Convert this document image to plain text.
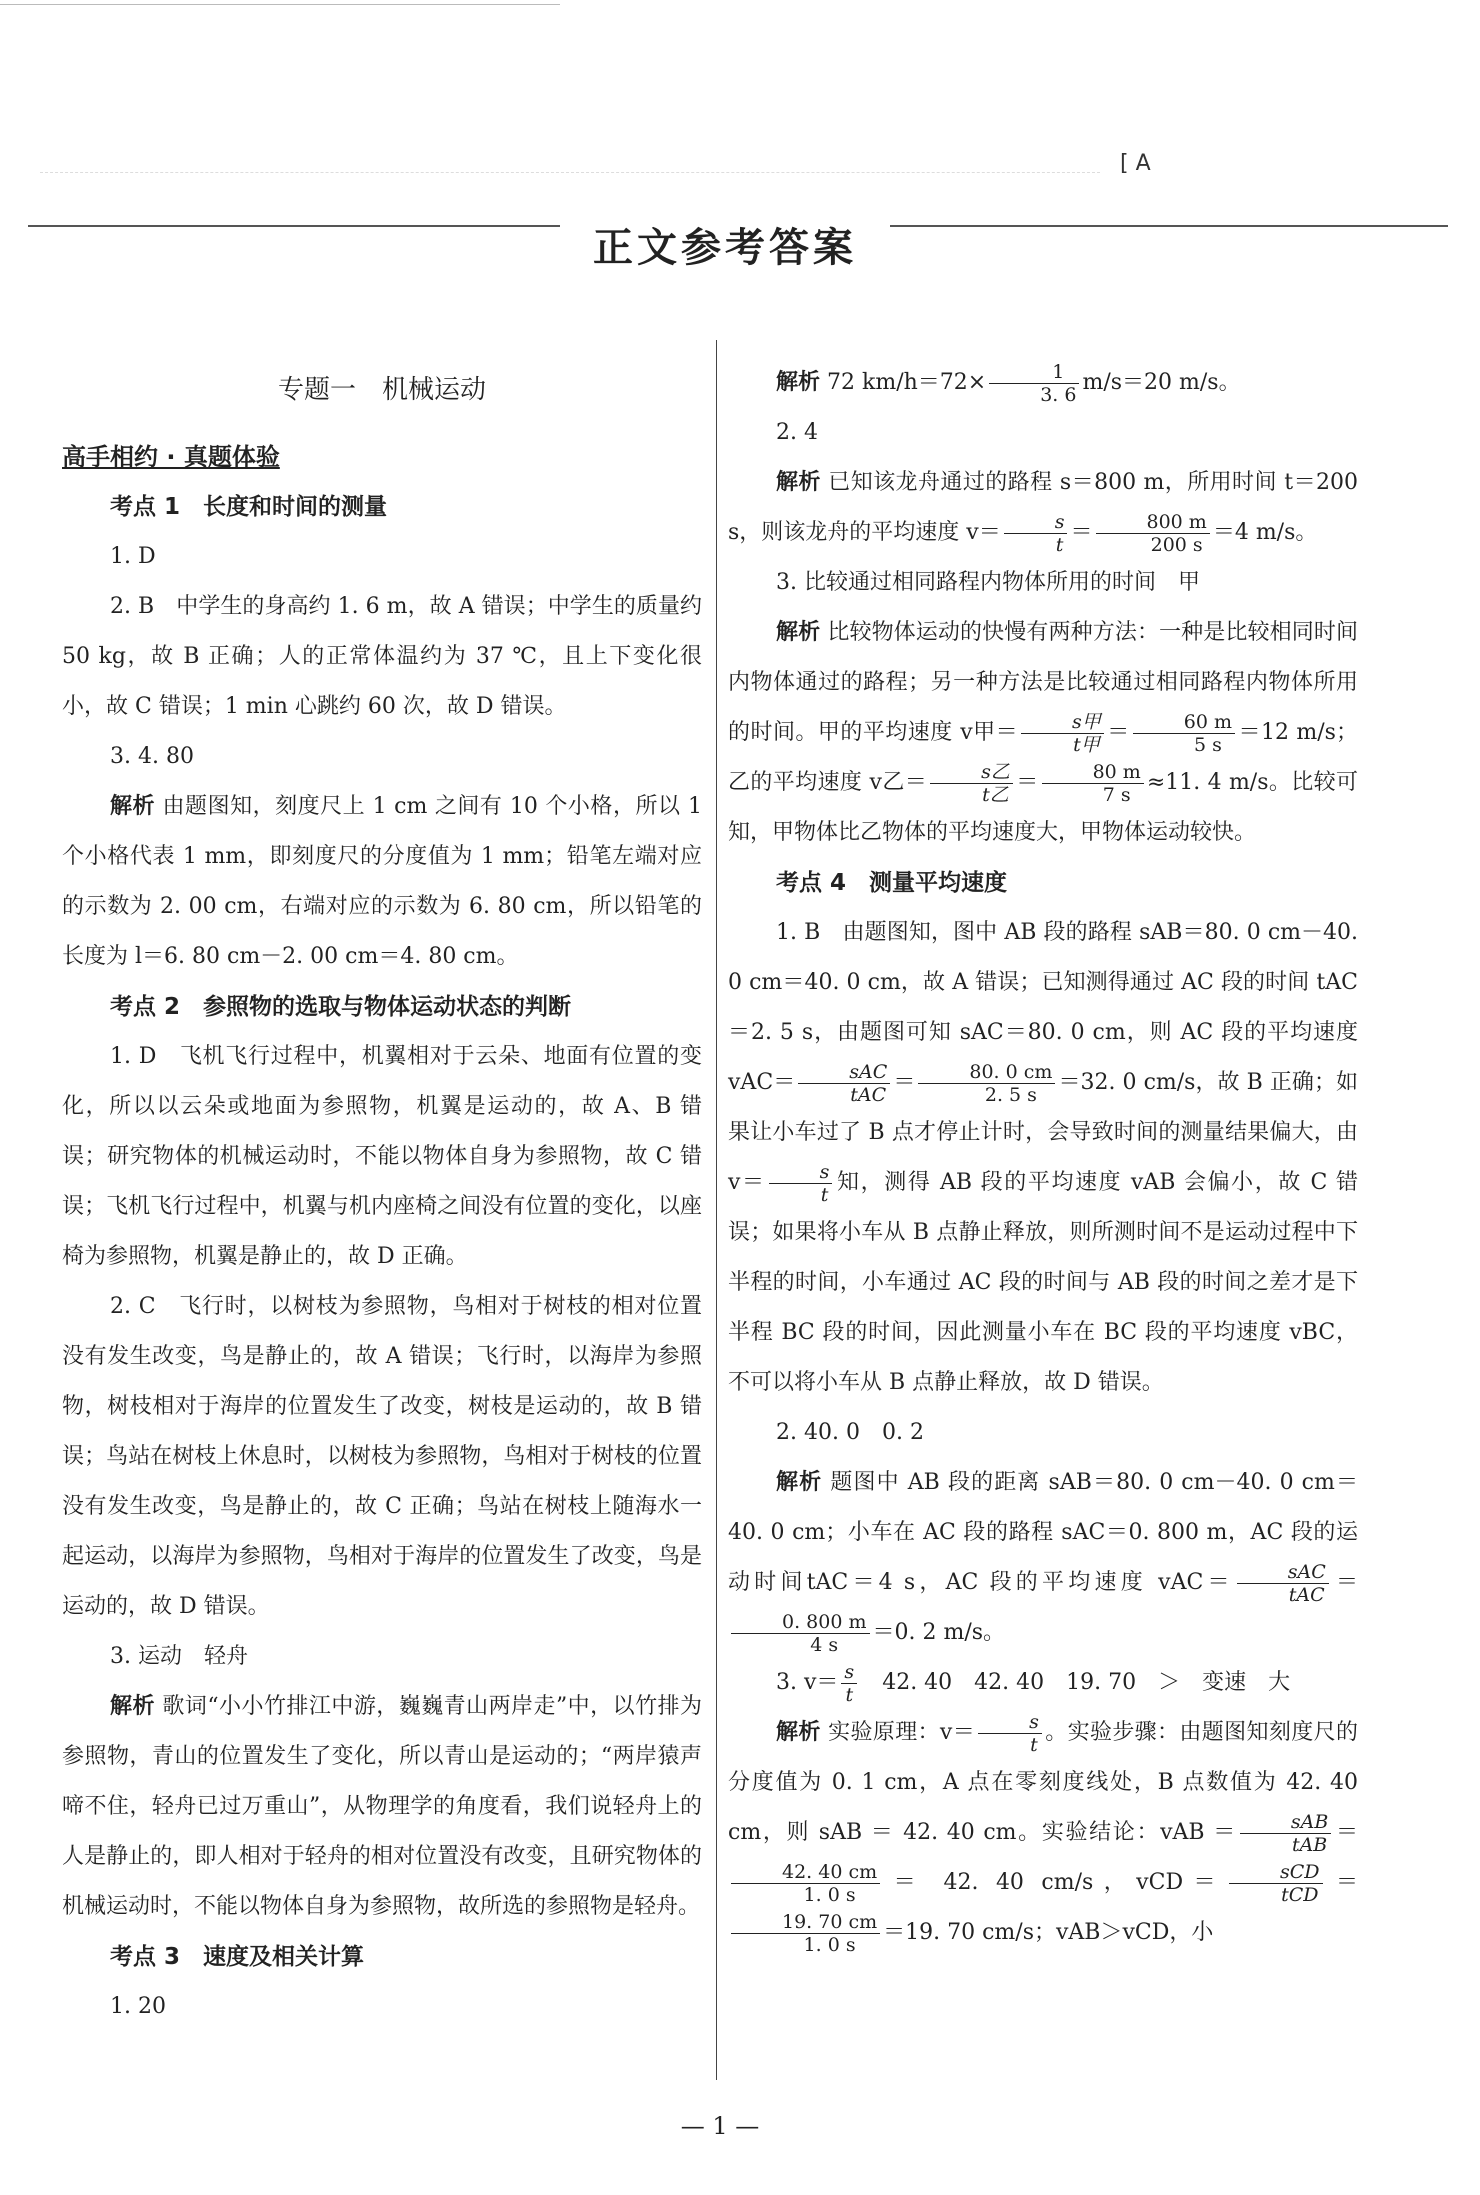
[ A
正文参考答案

专题一　机械运动

高手相约 · 真题体验

考点 1　长度和时间的测量

1. D

2. B　 中学生的身高约 1. 6 m，故 A 错误；中学生的质量约 50 kg，故 B 正确；人的正常体温约为 37 ℃，且上下变化很小，故 C 错误；1 min 心跳约 60 次，故 D 错误。

3. 4. 80

解析 由题图知，刻度尺上 1 cm 之间有 10 个小格，所以 1 个小格代表 1 mm，即刻度尺的分度值为 1 mm；铅笔左端对应的示数为 2. 00 cm，右端对应的示数为 6. 80 cm，所以铅笔的长度为 l＝6. 80 cm－2. 00 cm＝4. 80 cm。

考点 2　参照物的选取与物体运动状态的判断

1. D　 飞机飞行过程中，机翼相对于云朵、地面有位置的变化，所以以云朵或地面为参照物，机翼是运动的，故 A、B 错误；研究物体的机械运动时，不能以物体自身为参照物，故 C 错误；飞机飞行过程中，机翼与机内座椅之间没有位置的变化，以座椅为参照物，机翼是静止的，故 D 正确。

2. C　 飞行时，以树枝为参照物，鸟相对于树枝的相对位置没有发生改变，鸟是静止的，故 A 错误；飞行时，以海岸为参照物，树枝相对于海岸的位置发生了改变，树枝是运动的，故 B 错误；鸟站在树枝上休息时，以树枝为参照物，鸟相对于树枝的位置没有发生改变，鸟是静止的，故 C 正确；鸟站在树枝上随海水一起运动，以海岸为参照物，鸟相对于海岸的位置发生了改变，鸟是运动的，故 D 错误。

3. 运动　轻舟

解析 歌词“小小竹排江中游，巍巍青山两岸走”中，以竹排为参照物，青山的位置发生了变化，所以青山是运动的；“两岸猿声啼不住，轻舟已过万重山”，从物理学的角度看，我们说轻舟上的人是静止的，即人相对于轻舟的相对位置没有改变，且研究物体的机械运动时，不能以物体自身为参照物，故所选的参照物是轻舟。

考点 3　速度及相关计算

1. 20

解析 72 $km/h=72\times \frac{1}{3. 6} m/s=20$ m/s。

2. 4

解析 已知该龙舟通过的路程 s＝800 m，所用时间 t＝200 s，则该龙舟的平均速度 $v= \frac{s}{t} = \frac{800 m}{200 s} =4$ m/s。

3. 比较通过相同路程内物体所用的时间　甲

解析 比较物体运动的快慢有两种方法：一种是比较相同时间内物体通过的路程；另一种方法是比较通过相同路程内物体所用的时间。甲的平均速度 v甲＝ $\frac{\text{s甲}}{\text{t甲}} = \frac{60 m}{5 s} =12$ m/s；乙的平均速度 v乙＝ $\frac{\text{s乙}}{\text{t乙}} = \frac{80 m}{7 s} \approx 11$. 4 m/s。比较可知，甲物体比乙物体的平均速度大，甲物体运动较快。

考点 4　测量平均速度

1. B　 由题图知，图中 AB 段的路程 sAB＝80. 0 cm－40. 0 cm＝40. 0 cm，故 A 错误；已知测得通过 AC 段的时间 tAC＝2. 5 s，由题图可知 sAC＝80. 0 cm，则 AC 段的平均速度$vAC= \frac{\text{sAC}}{\text{tAC}} = \frac{80. 0 cm}{2. 5 s} =32$. 0 cm/s，故 B 正确；如果让小车过了 B 点才停止计时，会导致时间的测量结果偏大，由 $v= \frac{s}{t}$ 知，测得 AB 段的平均速度 vAB 会偏小，故 C 错误；如果将小车从 B 点静止释放，则所测时间不是运动过程中下半程的时间，小车通过 AC 段的时间与 AB 段的时间之差才是下半程 BC 段的时间，因此测量小车在 BC 段的平均速度 vBC，不可以将小车从 B 点静止释放，故 D 错误。

2. 40. 0　0. 2

解析 题图中 AB 段的距离 sAB＝80. 0 cm－40. 0 cm＝40. 0 cm；小车在 AC 段的路程 sAC＝0. 800 m，AC 段的运动时间tAC＝4 s，AC 段的平均速度 $vAC= \frac{\text{sAC}}{\text{tAC}}$ ＝
$\frac{0. 800 m}{4 s} =0$. 2 m/s。

3. $v= \frac{s}{t}$
　 42. 40　42. 40　19. 70　＞　变速　大

解析 实验原理：$v= \frac{s}{t}$ 。实验步骤：由题图知刻度尺的分度值为 0. 1 cm，A 点在零刻度线处，B 点数值为 42. 40 cm，则 sAB ＝ 42. 40 cm。实验结论：vAB ＝ $\frac{\text{sAB}}{\text{tAB}}$ ＝
$\frac{42. 40 cm}{1. 0 s} = 42$. 40 cm/s，$vCD= \frac{\text{sCD}}{\text{tCD}}$ ＝
$\frac{19. 70 cm}{1. 0 s} =19$. 70 cm/s；vAB＞vCD，小

— 1 —
